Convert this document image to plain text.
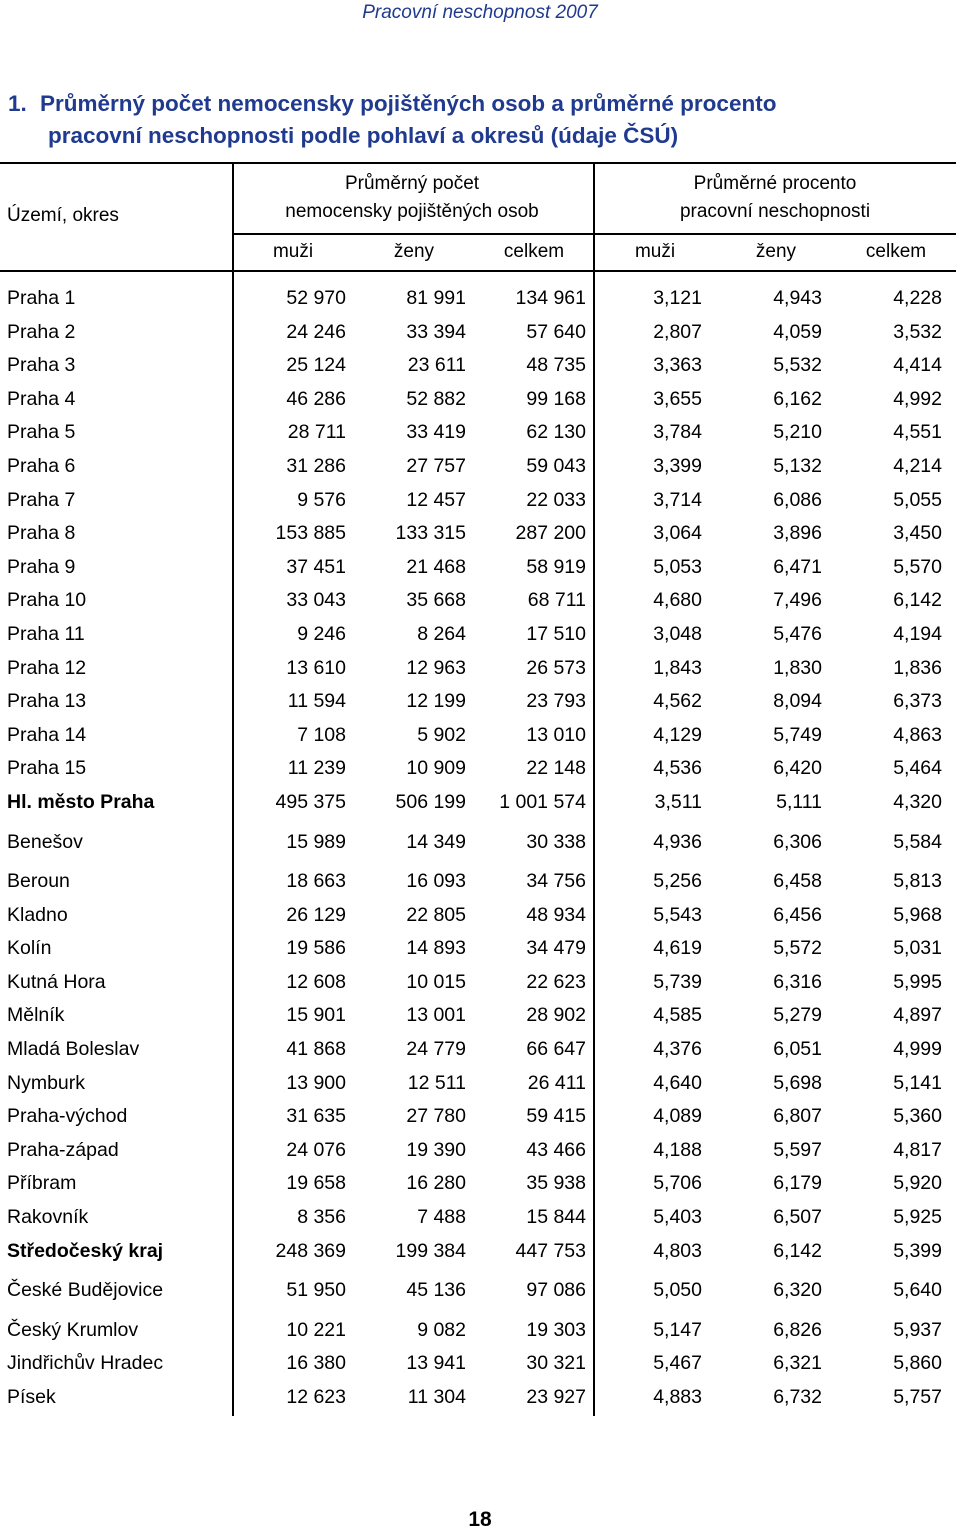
Pracovní neschopnost 2007
1. Průměrný počet nemocensky pojištěných osob a průměrné procento
pracovní neschopnosti podle pohlaví a okresů (údaje ČSÚ)
Území, okres
Průměrný počet
nemocensky pojištěných osob
Průměrné procento
pracovní neschopnosti
muži	ženy	celkem	muži	ženy	celkem
Praha 1	52 970	81 991	134 961	3,121	4,943	4,228
Praha 2	24 246	33 394	57 640	2,807	4,059	3,532
Praha 3	25 124	23 611	48 735	3,363	5,532	4,414
Praha 4	46 286	52 882	99 168	3,655	6,162	4,992
Praha 5	28 711	33 419	62 130	3,784	5,210	4,551
Praha 6	31 286	27 757	59 043	3,399	5,132	4,214
Praha 7	9 576	12 457	22 033	3,714	6,086	5,055
Praha 8	153 885	133 315	287 200	3,064	3,896	3,450
Praha 9	37 451	21 468	58 919	5,053	6,471	5,570
Praha 10	33 043	35 668	68 711	4,680	7,496	6,142
Praha 11	9 246	8 264	17 510	3,048	5,476	4,194
Praha 12	13 610	12 963	26 573	1,843	1,830	1,836
Praha 13	11 594	12 199	23 793	4,562	8,094	6,373
Praha 14	7 108	5 902	13 010	4,129	5,749	4,863
Praha 15	11 239	10 909	22 148	4,536	6,420	5,464
Hl. město Praha	495 375	506 199	1 001 574	3,511	5,111	4,320
Benešov	15 989	14 349	30 338	4,936	6,306	5,584
Beroun	18 663	16 093	34 756	5,256	6,458	5,813
Kladno	26 129	22 805	48 934	5,543	6,456	5,968
Kolín	19 586	14 893	34 479	4,619	5,572	5,031
Kutná Hora	12 608	10 015	22 623	5,739	6,316	5,995
Mělník	15 901	13 001	28 902	4,585	5,279	4,897
Mladá Boleslav	41 868	24 779	66 647	4,376	6,051	4,999
Nymburk	13 900	12 511	26 411	4,640	5,698	5,141
Praha-východ	31 635	27 780	59 415	4,089	6,807	5,360
Praha-západ	24 076	19 390	43 466	4,188	5,597	4,817
Příbram	19 658	16 280	35 938	5,706	6,179	5,920
Rakovník	8 356	7 488	15 844	5,403	6,507	5,925
Středočeský kraj	248 369	199 384	447 753	4,803	6,142	5,399
České Budějovice	51 950	45 136	97 086	5,050	6,320	5,640
Český Krumlov	10 221	9 082	19 303	5,147	6,826	5,937
Jindřichův Hradec	16 380	13 941	30 321	5,467	6,321	5,860
Písek	12 623	11 304	23 927	4,883	6,732	5,757
18
